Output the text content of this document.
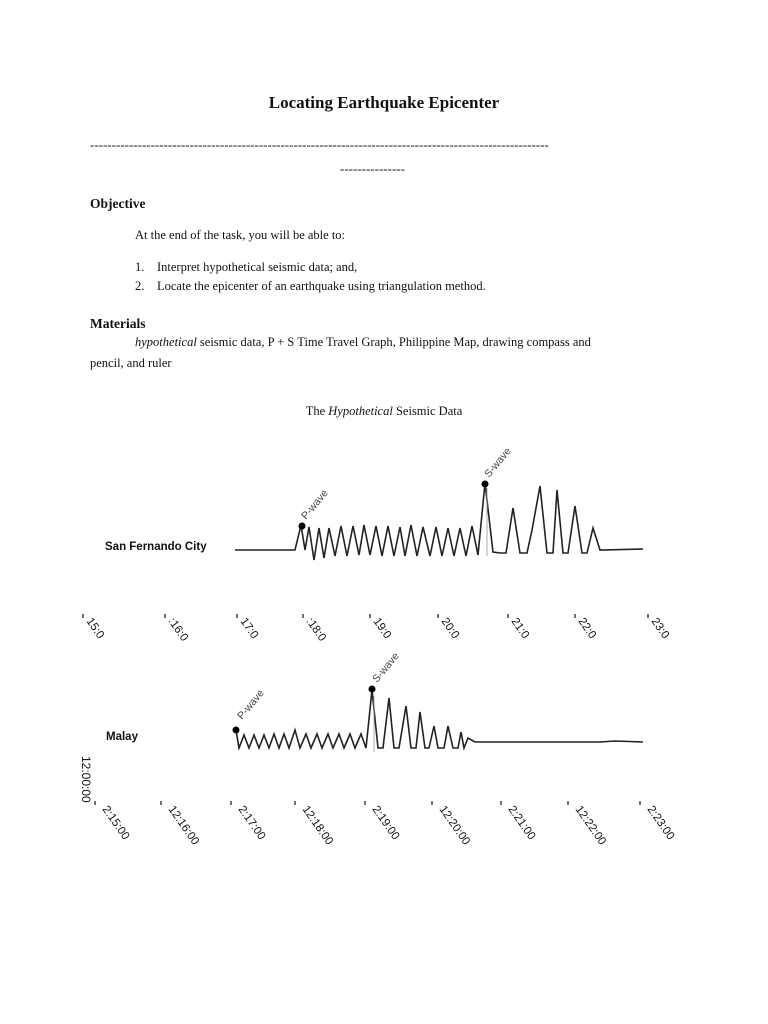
Locating Earthquake Epicenter
----------------------------------------------------------------------------------------------------------
---------------
Objective
At the end of the task, you will be able to:
1. Interpret hypothetical seismic data; and,
2. Locate the epicenter of an earthquake using triangulation method.
Materials
hypothetical seismic data, P + S Time Travel Graph, Philippine Map, drawing compass and
pencil, and ruler
The Hypothetical Seismic Data
San Fernando City
Malay
P-wave
S-wave
15:0	:16:0	17:0	:18:0	19:0	20:0	21:0	22:0	23:0
P-wave
S-wave
12:00:00
2:15:00	12:16:00	2:17:00	12:18:00	2:19:00	12:20:00	2:21:00	12:22:00	2:23:00
